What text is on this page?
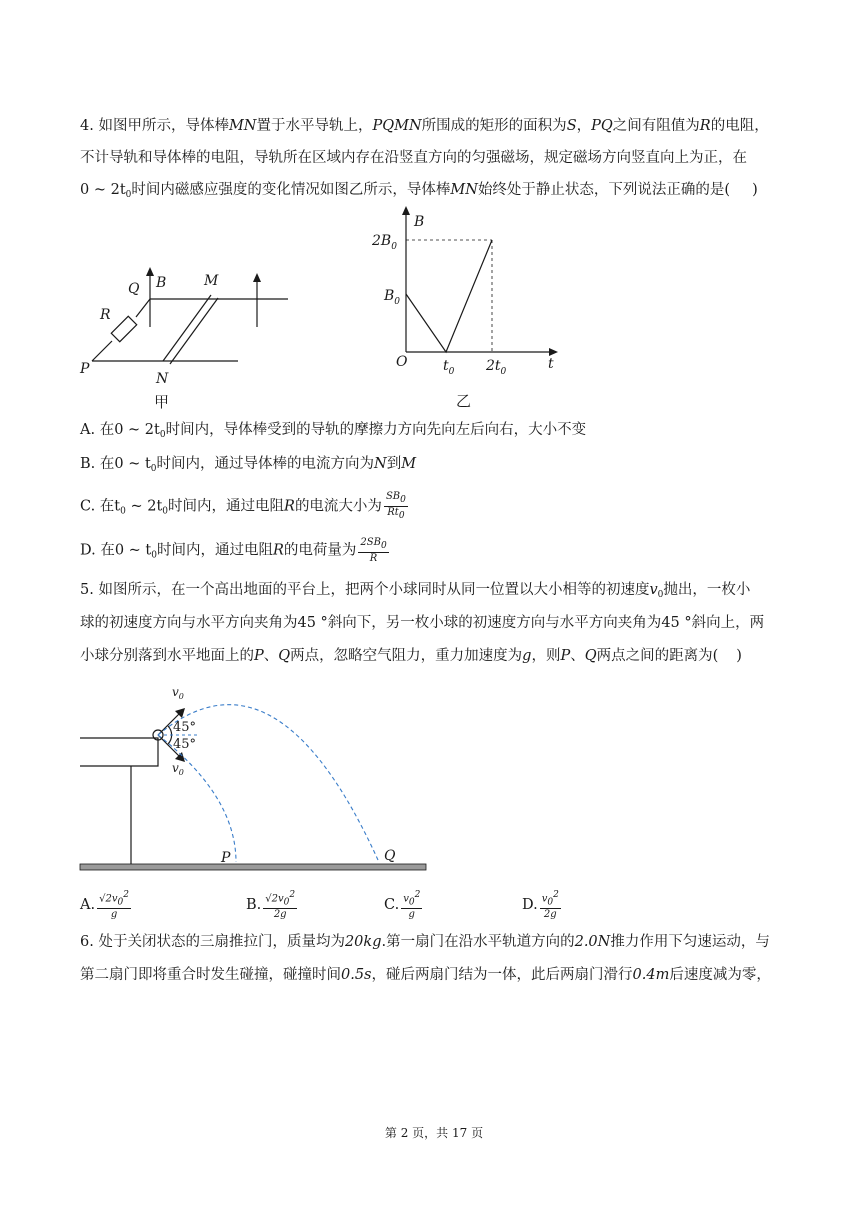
4. 如图甲所示，导体棒MN置于水平导轨上，PQMN所围成的矩形的面积为S，PQ之间有阻值为R的电阻，
不计导轨和导体棒的电阻，导轨所在区域内存在沿竖直方向的匀强磁场，规定磁场方向竖直向上为正，在
0 ~ $2t_0$时间内磁感应强度的变化情况如图乙所示，导体棒MN始终处于静止状态，下列说法正确的是( )
Q B	M
R
P
N
甲
B
$2B_0$
$B_0$
O	$t_0$ $2t_0$	t
乙
A. 在0 ~ $2t_0$时间内，导体棒受到的导轨的摩擦力方向先向左后向右，大小不变
B. 在0 ~ $t_0$时间内，通过导体棒的电流方向为N到M
C. 在$t_0$ ~ $2t_0$时间内，通过电阻R的电流大小为 $\frac{SB_0}{Rt_0}$
D. 在0 ~ $t_0$时间内，通过电阻R的电荷量为 $\frac{2SB_0}{R}$
5. 如图所示，在一个高出地面的平台上，把两个小球同时从同一位置以大小相等的初速度$v_0$抛出，一枚小
球的初速度方向与水平方向夹角为45 °斜向下，另一枚小球的初速度方向与水平方向夹角为45 °斜向上，两
小球分别落到水平地面上的P、Q两点，忽略空气阻力，重力加速度为g，则P、Q两点之间的距离为( )
$v_0$
$v_0$
45°
45°
P	Q
A. $\frac{√2v_0^2}{g}$	B. $\frac{√2v_0^2}{2g}$	C. $\frac{v_0^2}{g}$	D. $\frac{v_0^2}{2g}$
6. 处于关闭状态的三扇推拉门，质量均为20kg.第一扇门在沿水平轨道方向的2.0N推力作用下匀速运动，与
第二扇门即将重合时发生碰撞，碰撞时间0.5s，碰后两扇门结为一体，此后两扇门滑行0.4m后速度减为零，
第 2 页，共 17 页
